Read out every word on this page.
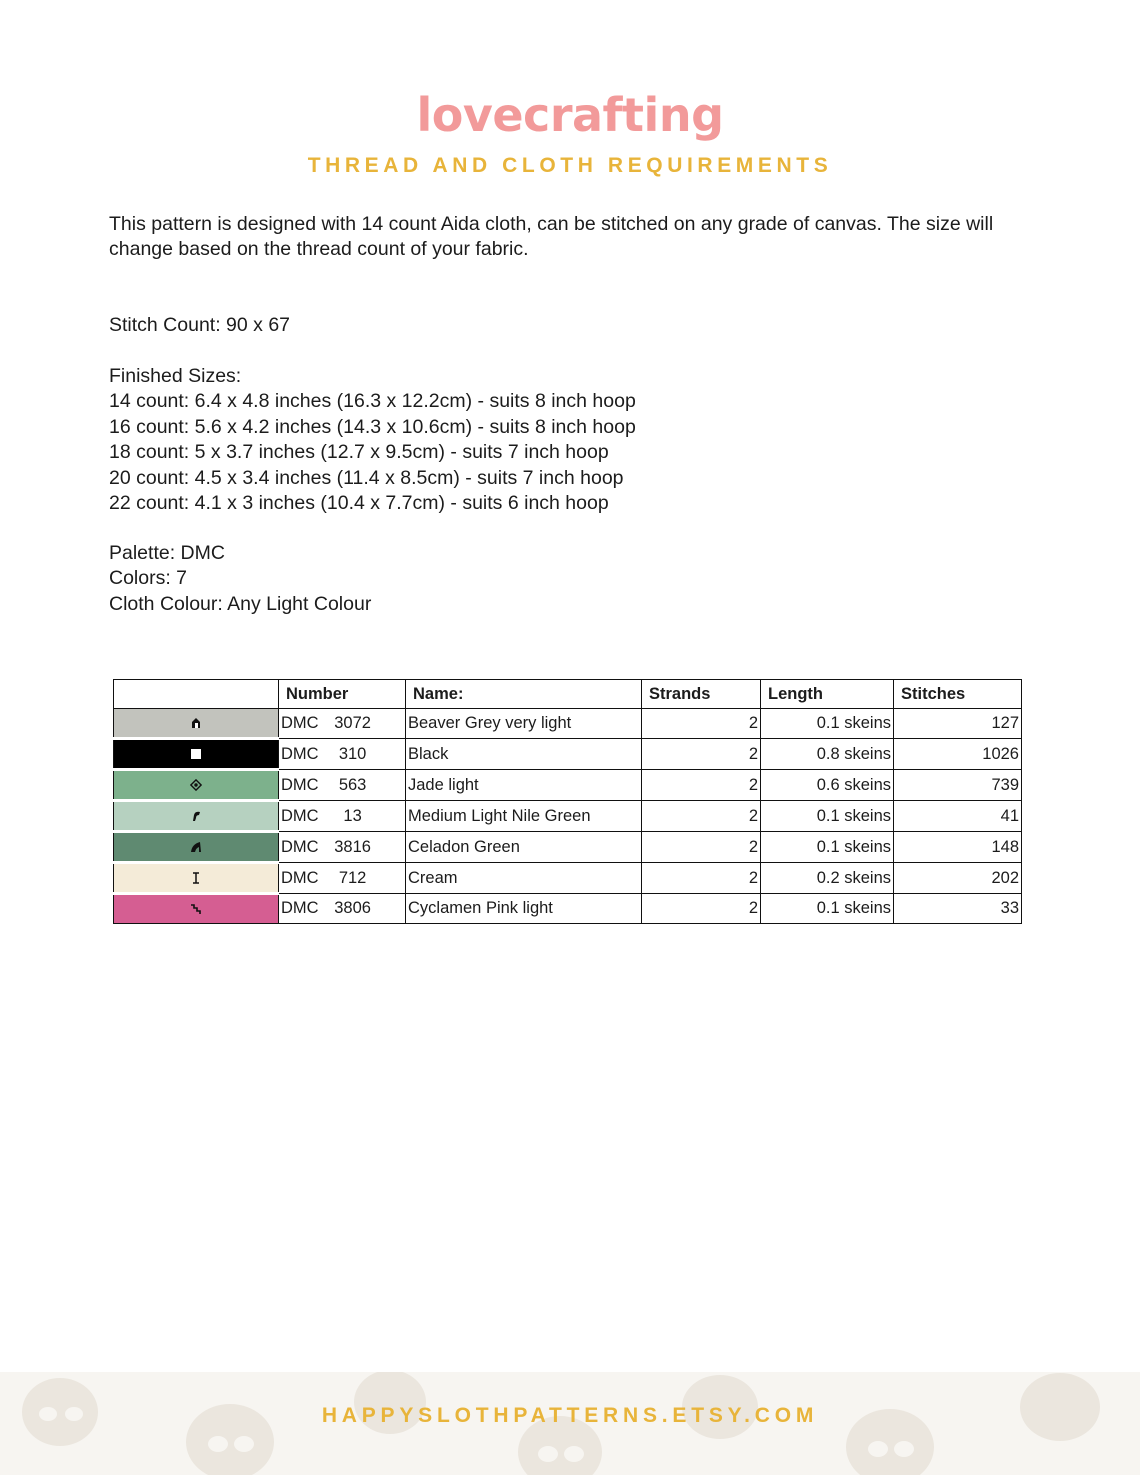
lovecrafting
THREAD AND CLOTH REQUIREMENTS
This pattern is designed with 14 count Aida cloth, can be stitched on any grade of canvas. The size will change based on the thread count of your fabric.
Stitch Count: 90 x 67
Finished Sizes:
14 count: 6.4 x 4.8 inches (16.3 x 12.2cm) - suits 8 inch hoop
16 count: 5.6 x 4.2 inches (14.3 x 10.6cm) - suits 8 inch hoop
18 count: 5 x 3.7 inches (12.7 x 9.5cm) - suits 7 inch hoop
20 count: 4.5 x 3.4 inches (11.4 x 8.5cm) - suits 7 inch hoop
22 count: 4.1 x 3 inches (10.4 x 7.7cm) - suits 6 inch hoop
Palette: DMC
Colors: 7
Cloth Colour: Any Light Colour
	Number	Name:	Strands	Length	Stitches
	DMC 3072	Beaver Grey very light	2	0.1 skeins	127
	DMC 310	Black	2	0.8 skeins	1026
	DMC 563	Jade light	2	0.6 skeins	739
	DMC 13	Medium Light Nile Green	2	0.1 skeins	41
	DMC 3816	Celadon Green	2	0.1 skeins	148
	DMC 712	Cream	2	0.2 skeins	202
	DMC 3806	Cyclamen Pink light	2	0.1 skeins	33
HAPPYSLOTHPATTERNS.ETSY.COM
